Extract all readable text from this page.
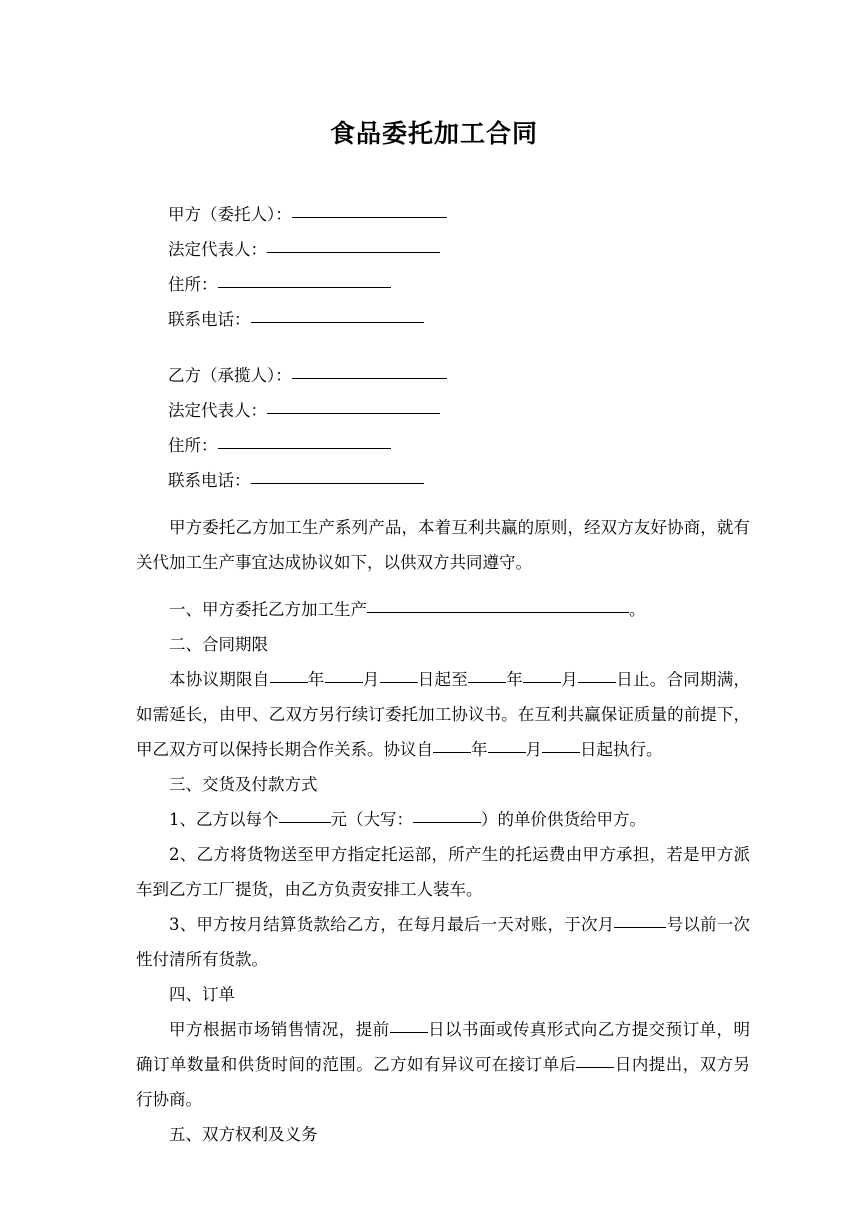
食品委托加工合同
甲方（委托人）：
法定代表人：
住所：
联系电话：
乙方（承揽人）：
法定代表人：
住所：
联系电话：

甲方委托乙方加工生产系列产品，本着互利共赢的原则，经双方友好协商，就有关代加工生产事宜达成协议如下，以供双方共同遵守。

一、甲方委托乙方加工生产	。

二、合同期限

本协议期限自 年 月 日起至 年 月 日止。合同期满，如需延长，由甲、乙双方另行续订委托加工协议书。在互利共赢保证质量的前提下，甲乙双方可以保持长期合作关系。协议自 年 月 日起执行。

三、交货及付款方式

1、乙方以每个	元（大写：	）的单价供货给甲方。

2、乙方将货物送至甲方指定托运部，所产生的托运费由甲方承担，若是甲方派车到乙方工厂提货，由乙方负责安排工人装车。

3、甲方按月结算货款给乙方，在每月最后一天对账，于次月	号以前一次性付清所有货款。

四、订单

甲方根据市场销售情况，提前 日以书面或传真形式向乙方提交预订单，明确订单数量和供货时间的范围。乙方如有异议可在接订单后 日内提出，双方另行协商。

五、双方权利及义务
